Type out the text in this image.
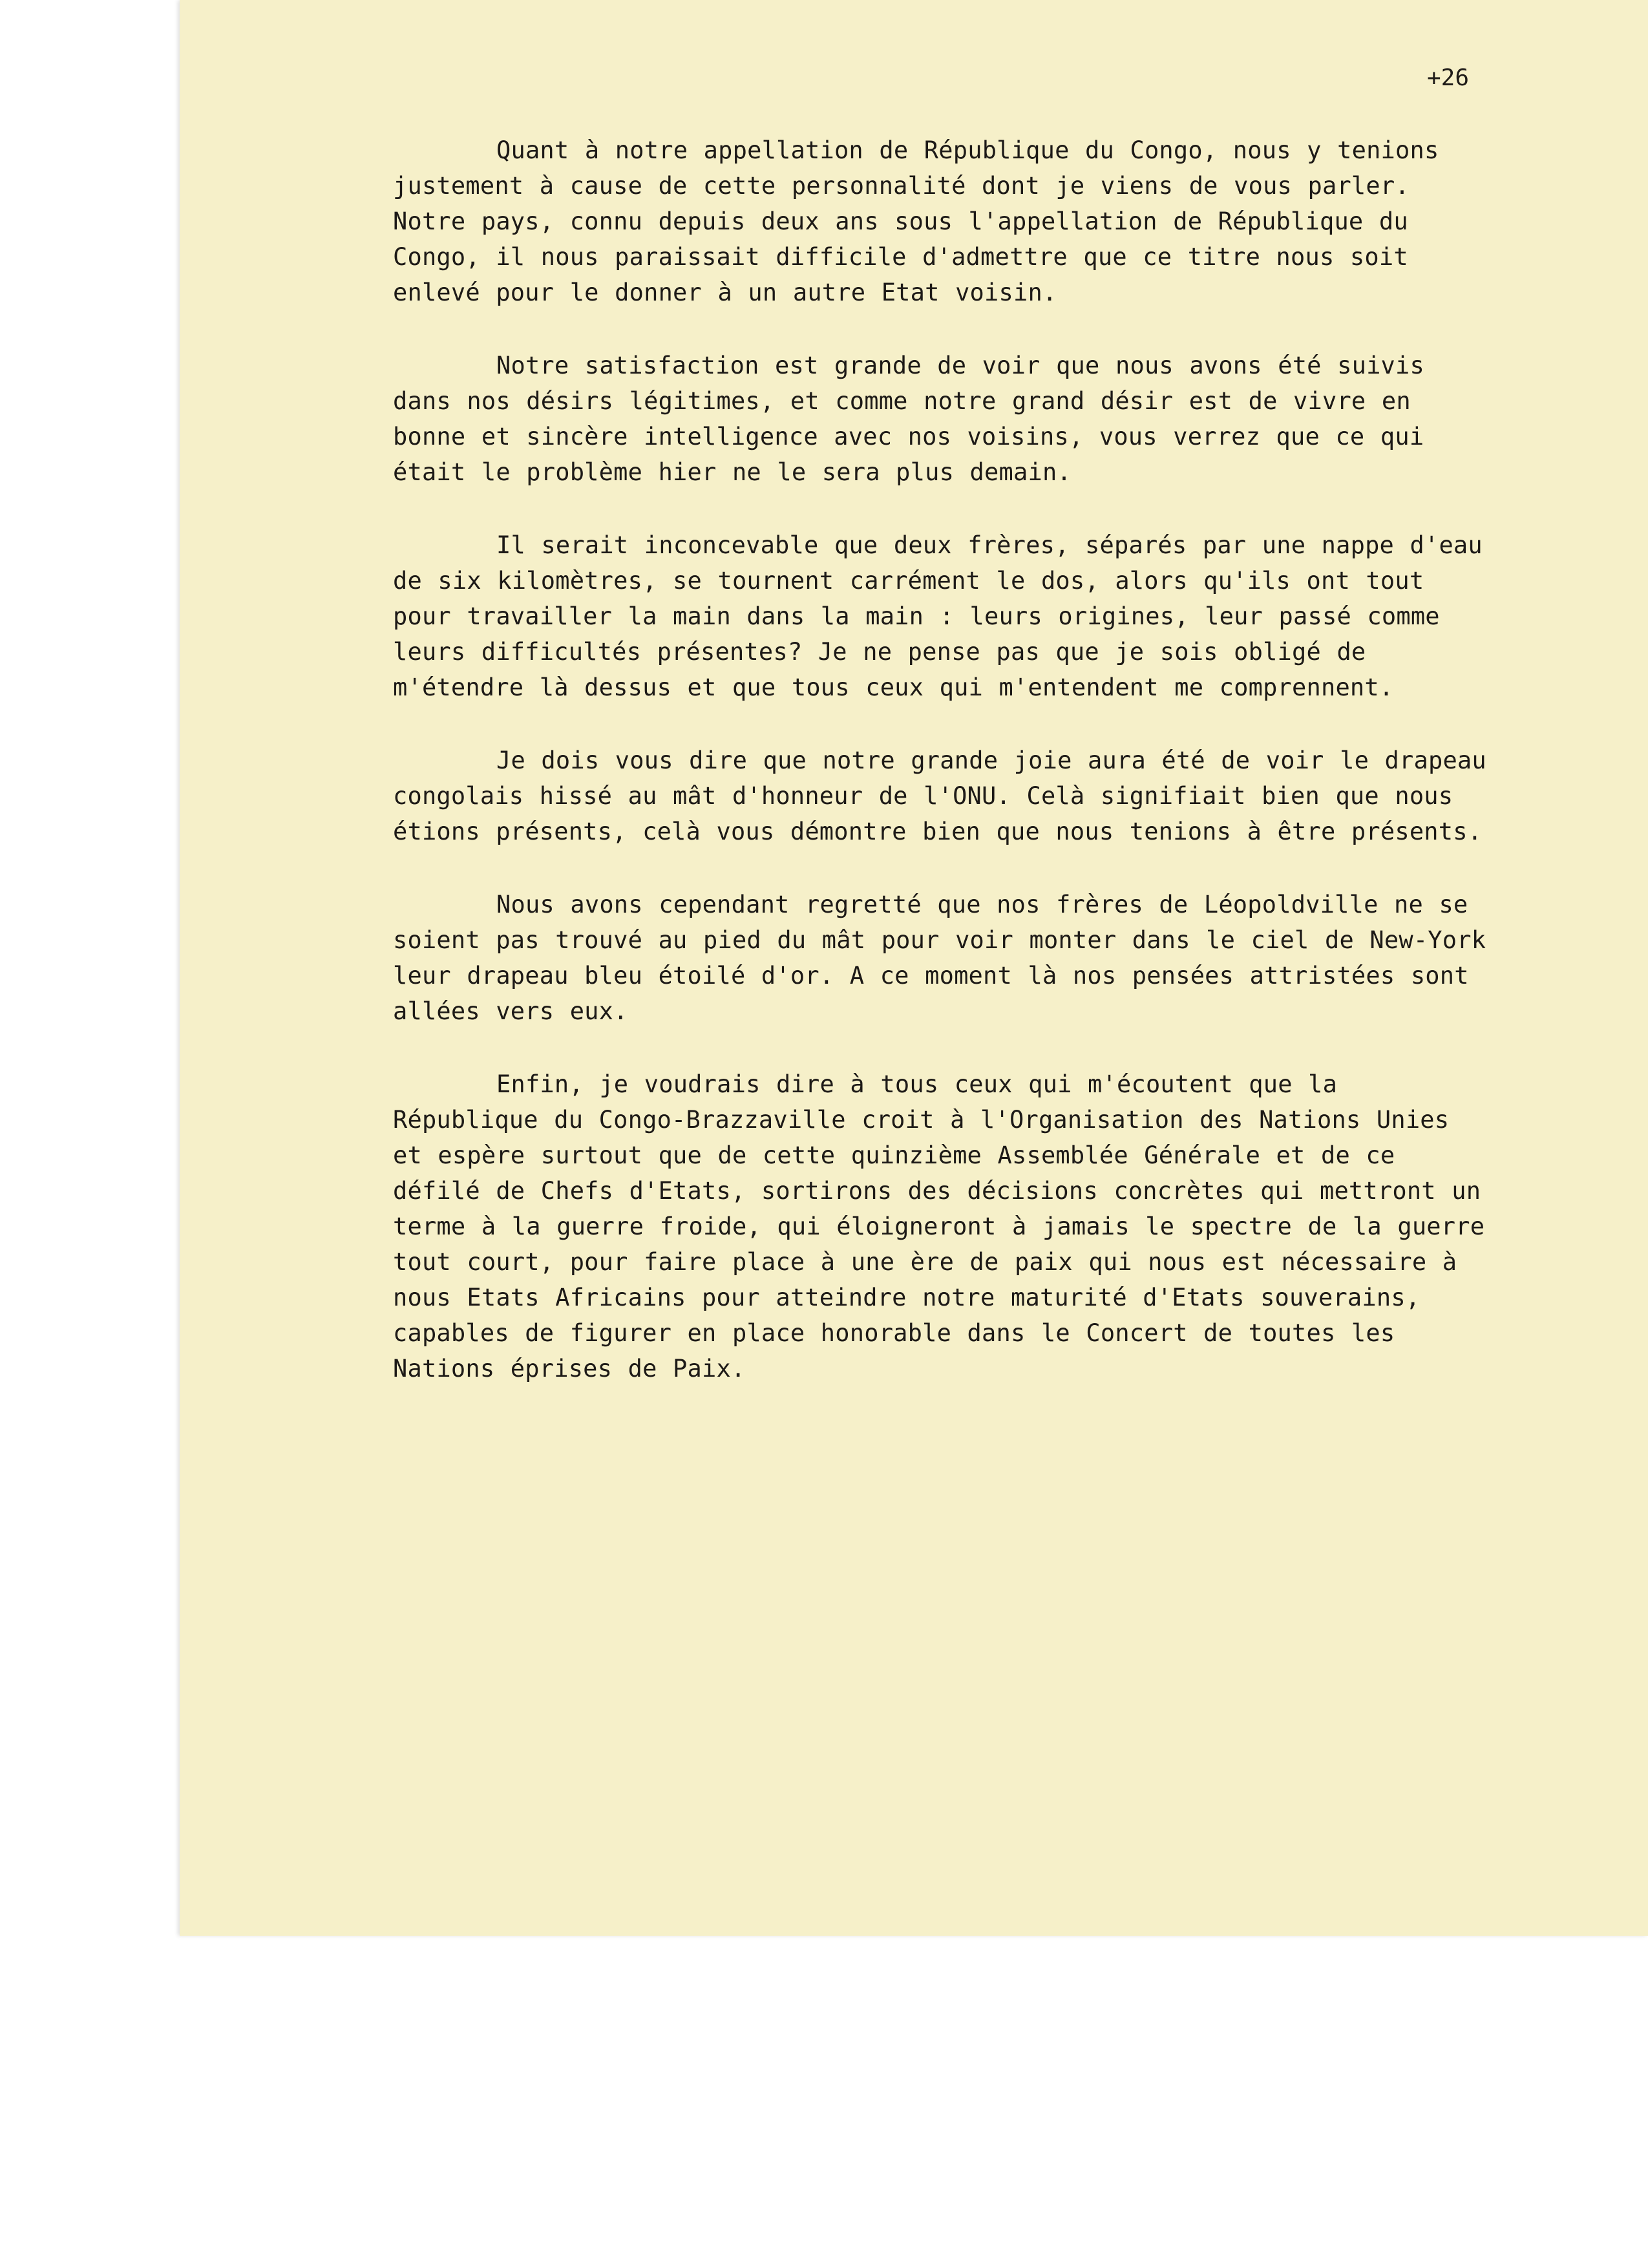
+26

Quant à notre appellation de République du Congo, nous y tenions justement à cause de cette personnalité dont je viens de vous parler. Notre pays, connu depuis deux ans sous l'appellation de République du Congo, il nous paraissait difficile d'admettre que ce titre nous soit enlevé pour le donner à un autre Etat voisin.

Notre satisfaction est grande de voir que nous avons été suivis dans nos désirs légitimes, et comme notre grand désir est de vivre en bonne et sincère intelligence avec nos voisins, vous verrez que ce qui était le problème hier ne le sera plus demain.

Il serait inconcevable que deux frères, séparés par une nappe d'eau de six kilomètres, se tournent carrément le dos, alors qu'ils ont tout pour travailler la main dans la main : leurs origines, leur passé comme leurs difficultés présentes? Je ne pense pas que je sois obligé de m'étendre là dessus et que tous ceux qui m'entendent me comprennent.

Je dois vous dire que notre grande joie aura été de voir le drapeau congolais hissé au mât d'honneur de l'ONU. Celà signifiait bien que nous étions présents, celà vous démontre bien que nous tenions à être présents.

Nous avons cependant regretté que nos frères de Léopoldville ne se soient pas trouvé au pied du mât pour voir monter dans le ciel de New-York leur drapeau bleu étoilé d'or. A ce moment là nos pensées attristées sont allées vers eux.

Enfin, je voudrais dire à tous ceux qui m'écoutent que la République du Congo-Brazzaville croit à l'Organisation des Nations Unies et espère surtout que de cette quinzième Assemblée Générale et de ce défilé de Chefs d'Etats, sortirons des décisions concrètes qui mettront un terme à la guerre froide, qui éloigneront à jamais le spectre de la guerre tout court, pour faire place à une ère de paix qui nous est nécessaire à nous Etats Africains pour atteindre notre maturité d'Etats souverains, capables de figurer en place honorable dans le Concert de toutes les Nations éprises de Paix.
